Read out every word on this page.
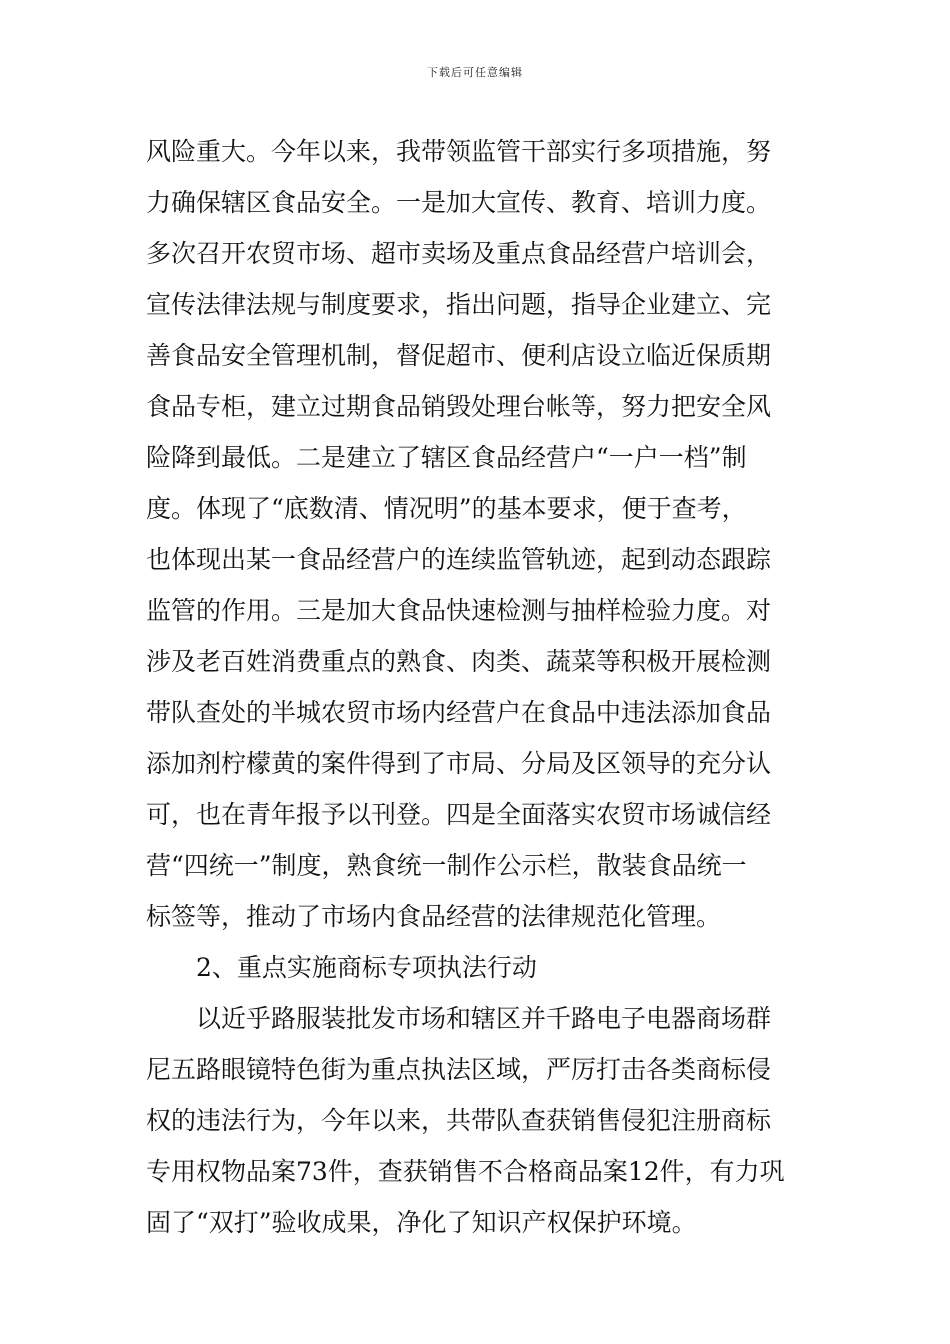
下载后可任意编辑
风险重大。今年以来，我带领监管干部实行多项措施，努
力确保辖区食品安全。一是加大宣传、教育、培训力度。
多次召开农贸市场、超市卖场及重点食品经营户培训会，
宣传法律法规与制度要求，指出问题，指导企业建立、完
善食品安全管理机制，督促超市、便利店设立临近保质期
食品专柜，建立过期食品销毁处理台帐等，努力把安全风
险降到最低。二是建立了辖区食品经营户“一户一档”制
度。体现了“底数清、情况明”的基本要求，便于查考，
也体现出某一食品经营户的连续监管轨迹，起到动态跟踪
监管的作用。三是加大食品快速检测与抽样检验力度。对
涉及老百姓消费重点的熟食、肉类、蔬菜等积极开展检测
带队查处的半城农贸市场内经营户在食品中违法添加食品
添加剂柠檬黄的案件得到了市局、分局及区领导的充分认
可，也在青年报予以刊登。四是全面落实农贸市场诚信经
营“四统一”制度，熟食统一制作公示栏，散装食品统一
标签等，推动了市场内食品经营的法律规范化管理。
2、重点实施商标专项执法行动
以近乎路服装批发市场和辖区并千路电子电器商场群
尼五路眼镜特色街为重点执法区域，严厉打击各类商标侵
权的违法行为，今年以来，共带队查获销售侵犯注册商标
专用权物品案73件，查获销售不合格商品案12件，有力巩
固了“双打”验收成果，净化了知识产权保护环境。
